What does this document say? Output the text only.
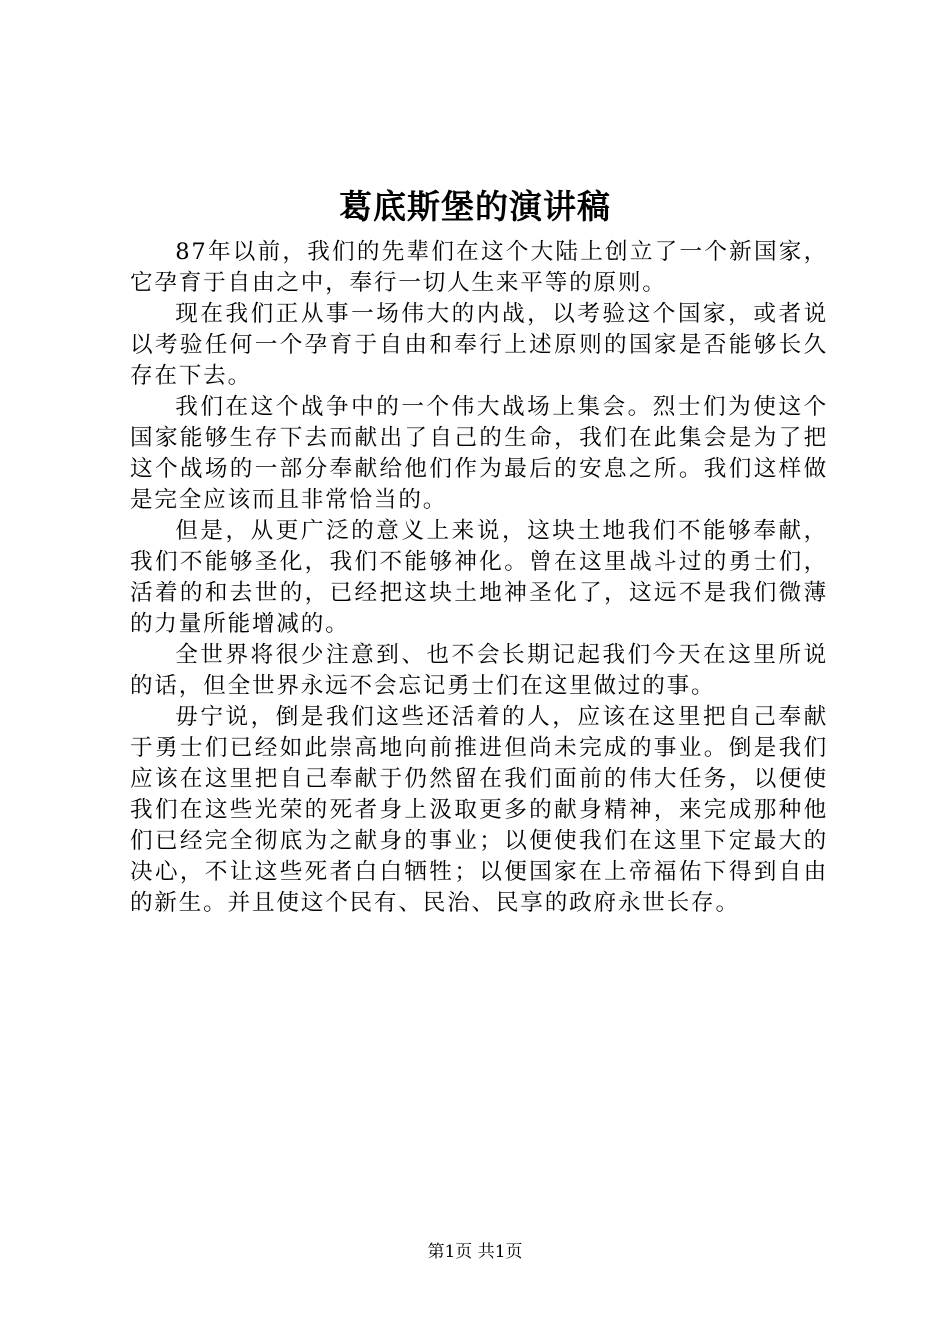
葛底斯堡的演讲稿

87年以前，我们的先辈们在这个大陆上创立了一个新国家，它孕育于自由之中，奉行一切人生来平等的原则。

现在我们正从事一场伟大的内战，以考验这个国家，或者说以考验任何一个孕育于自由和奉行上述原则的国家是否能够长久存在下去。

我们在这个战争中的一个伟大战场上集会。烈士们为使这个国家能够生存下去而献出了自己的生命，我们在此集会是为了把这个战场的一部分奉献给他们作为最后的安息之所。我们这样做是完全应该而且非常恰当的。

但是，从更广泛的意义上来说，这块土地我们不能够奉献，我们不能够圣化，我们不能够神化。曾在这里战斗过的勇士们，活着的和去世的，已经把这块土地神圣化了，这远不是我们微薄的力量所能增减的。

全世界将很少注意到、也不会长期记起我们今天在这里所说的话，但全世界永远不会忘记勇士们在这里做过的事。

毋宁说，倒是我们这些还活着的人，应该在这里把自己奉献于勇士们已经如此崇高地向前推进但尚未完成的事业。倒是我们应该在这里把自己奉献于仍然留在我们面前的伟大任务，以便使我们在这些光荣的死者身上汲取更多的献身精神，来完成那种他们已经完全彻底为之献身的事业；以便使我们在这里下定最大的决心，不让这些死者白白牺牲；以便国家在上帝福佑下得到自由的新生。并且使这个民有、民治、民享的政府永世长存。

第1页 共1页
